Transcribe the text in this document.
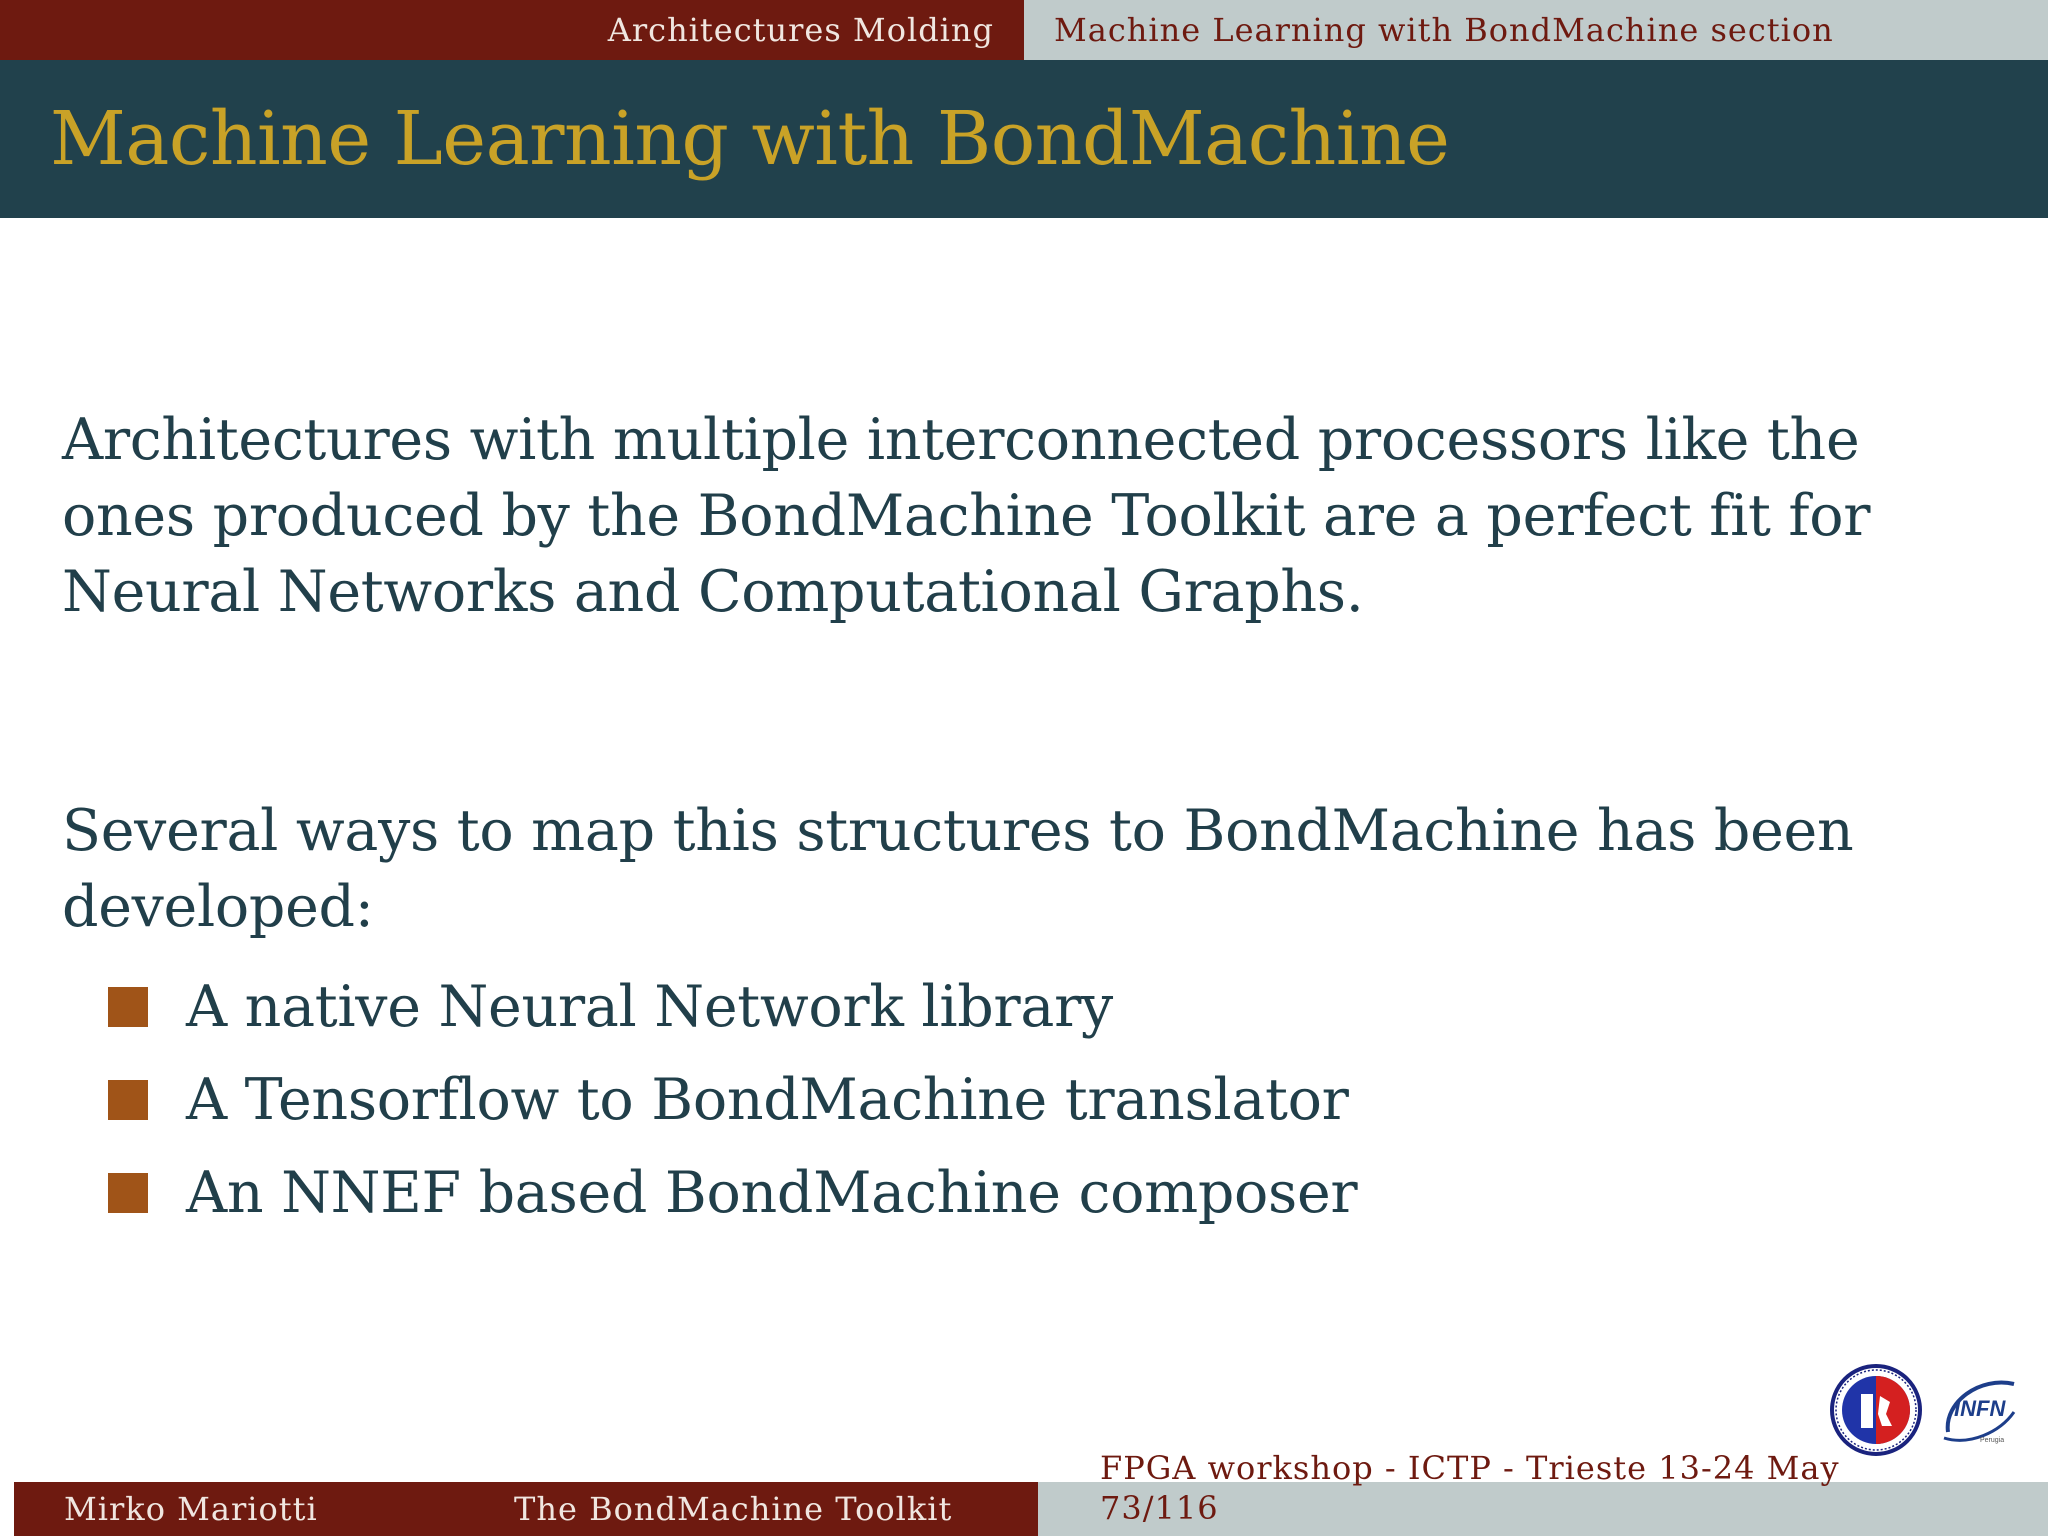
Architectures Molding	Machine Learning with BondMachine section
Machine Learning with BondMachine

Architectures with multiple interconnected processors like the ones produced by the BondMachine Toolkit are a perfect fit for Neural Networks and Computational Graphs.

Several ways to map this structures to BondMachine has been developed:

A native Neural Network library
A Tensorflow to BondMachine translator
An NNEF based BondMachine composer
INFN
Perugia
Mirko Mariotti	The BondMachine Toolkit
FPGA workshop - ICTP - Trieste 13-24 May
73/116
